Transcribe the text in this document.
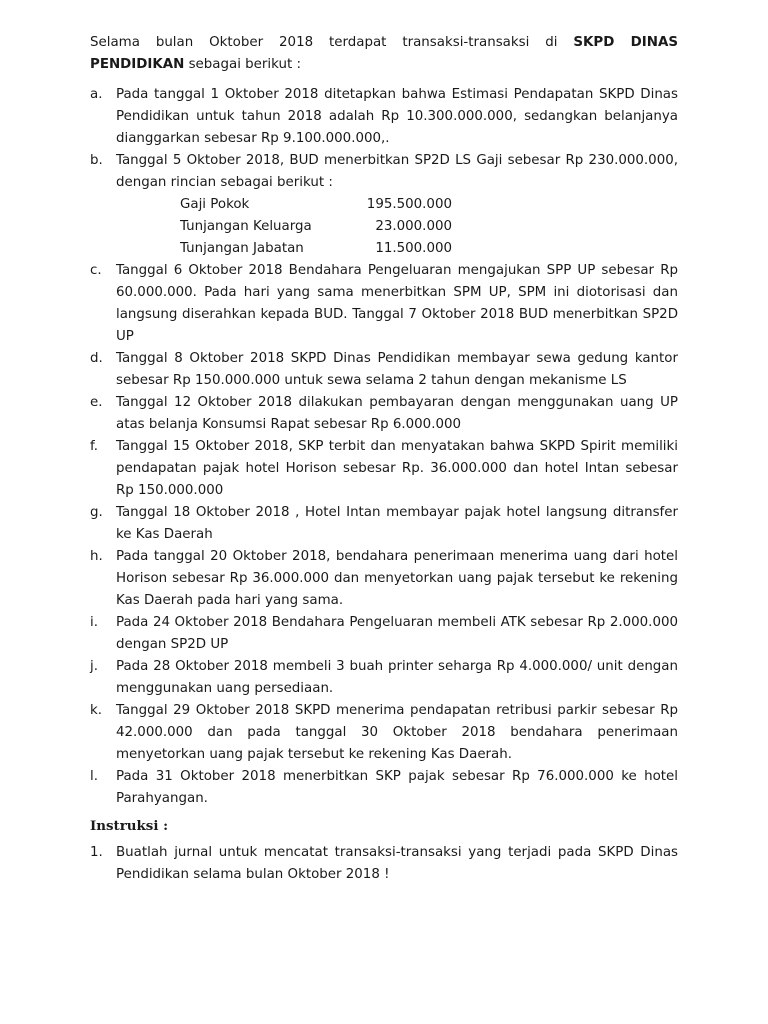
Selama bulan Oktober 2018 terdapat transaksi-transaksi di SKPD DINAS PENDIDIKAN sebagai berikut :
a. Pada tanggal 1 Oktober 2018 ditetapkan bahwa Estimasi Pendapatan SKPD Dinas Pendidikan untuk tahun 2018 adalah Rp 10.300.000.000, sedangkan belanjanya dianggarkan sebesar Rp 9.100.000.000,.
b. Tanggal 5 Oktober 2018, BUD menerbitkan SP2D LS Gaji sebesar Rp 230.000.000, dengan rincian sebagai berikut :
Gaji Pokok	195.500.000
Tunjangan Keluarga	23.000.000
Tunjangan Jabatan	11.500.000
c. Tanggal 6 Oktober 2018 Bendahara Pengeluaran mengajukan SPP UP sebesar Rp 60.000.000. Pada hari yang sama menerbitkan SPM UP, SPM ini diotorisasi dan langsung diserahkan kepada BUD. Tanggal 7 Oktober 2018 BUD menerbitkan SP2D UP
d. Tanggal 8 Oktober 2018 SKPD Dinas Pendidikan membayar sewa gedung kantor sebesar Rp 150.000.000 untuk sewa selama 2 tahun dengan mekanisme LS
e. Tanggal 12 Oktober 2018 dilakukan pembayaran dengan menggunakan uang UP atas belanja Konsumsi Rapat sebesar Rp 6.000.000
f. Tanggal 15 Oktober 2018, SKP terbit dan menyatakan bahwa SKPD Spirit memiliki pendapatan pajak hotel Horison sebesar Rp. 36.000.000 dan hotel Intan sebesar Rp 150.000.000
g. Tanggal 18 Oktober 2018 , Hotel Intan membayar pajak hotel langsung ditransfer ke Kas Daerah
h. Pada tanggal 20 Oktober 2018, bendahara penerimaan menerima uang dari hotel Horison sebesar Rp 36.000.000 dan menyetorkan uang pajak tersebut ke rekening Kas Daerah pada hari yang sama.
i. Pada 24 Oktober 2018 Bendahara Pengeluaran membeli ATK sebesar Rp 2.000.000 dengan SP2D UP
j. Pada 28 Oktober 2018 membeli 3 buah printer seharga Rp 4.000.000/ unit dengan menggunakan uang persediaan.
k. Tanggal 29 Oktober 2018 SKPD menerima pendapatan retribusi parkir sebesar Rp 42.000.000 dan pada tanggal 30 Oktober 2018 bendahara penerimaan menyetorkan uang pajak tersebut ke rekening Kas Daerah.
l. Pada 31 Oktober 2018 menerbitkan SKP pajak sebesar Rp 76.000.000 ke hotel Parahyangan.
Instruksi :
1. Buatlah jurnal untuk mencatat transaksi-transaksi yang terjadi pada SKPD Dinas Pendidikan selama bulan Oktober 2018 !
